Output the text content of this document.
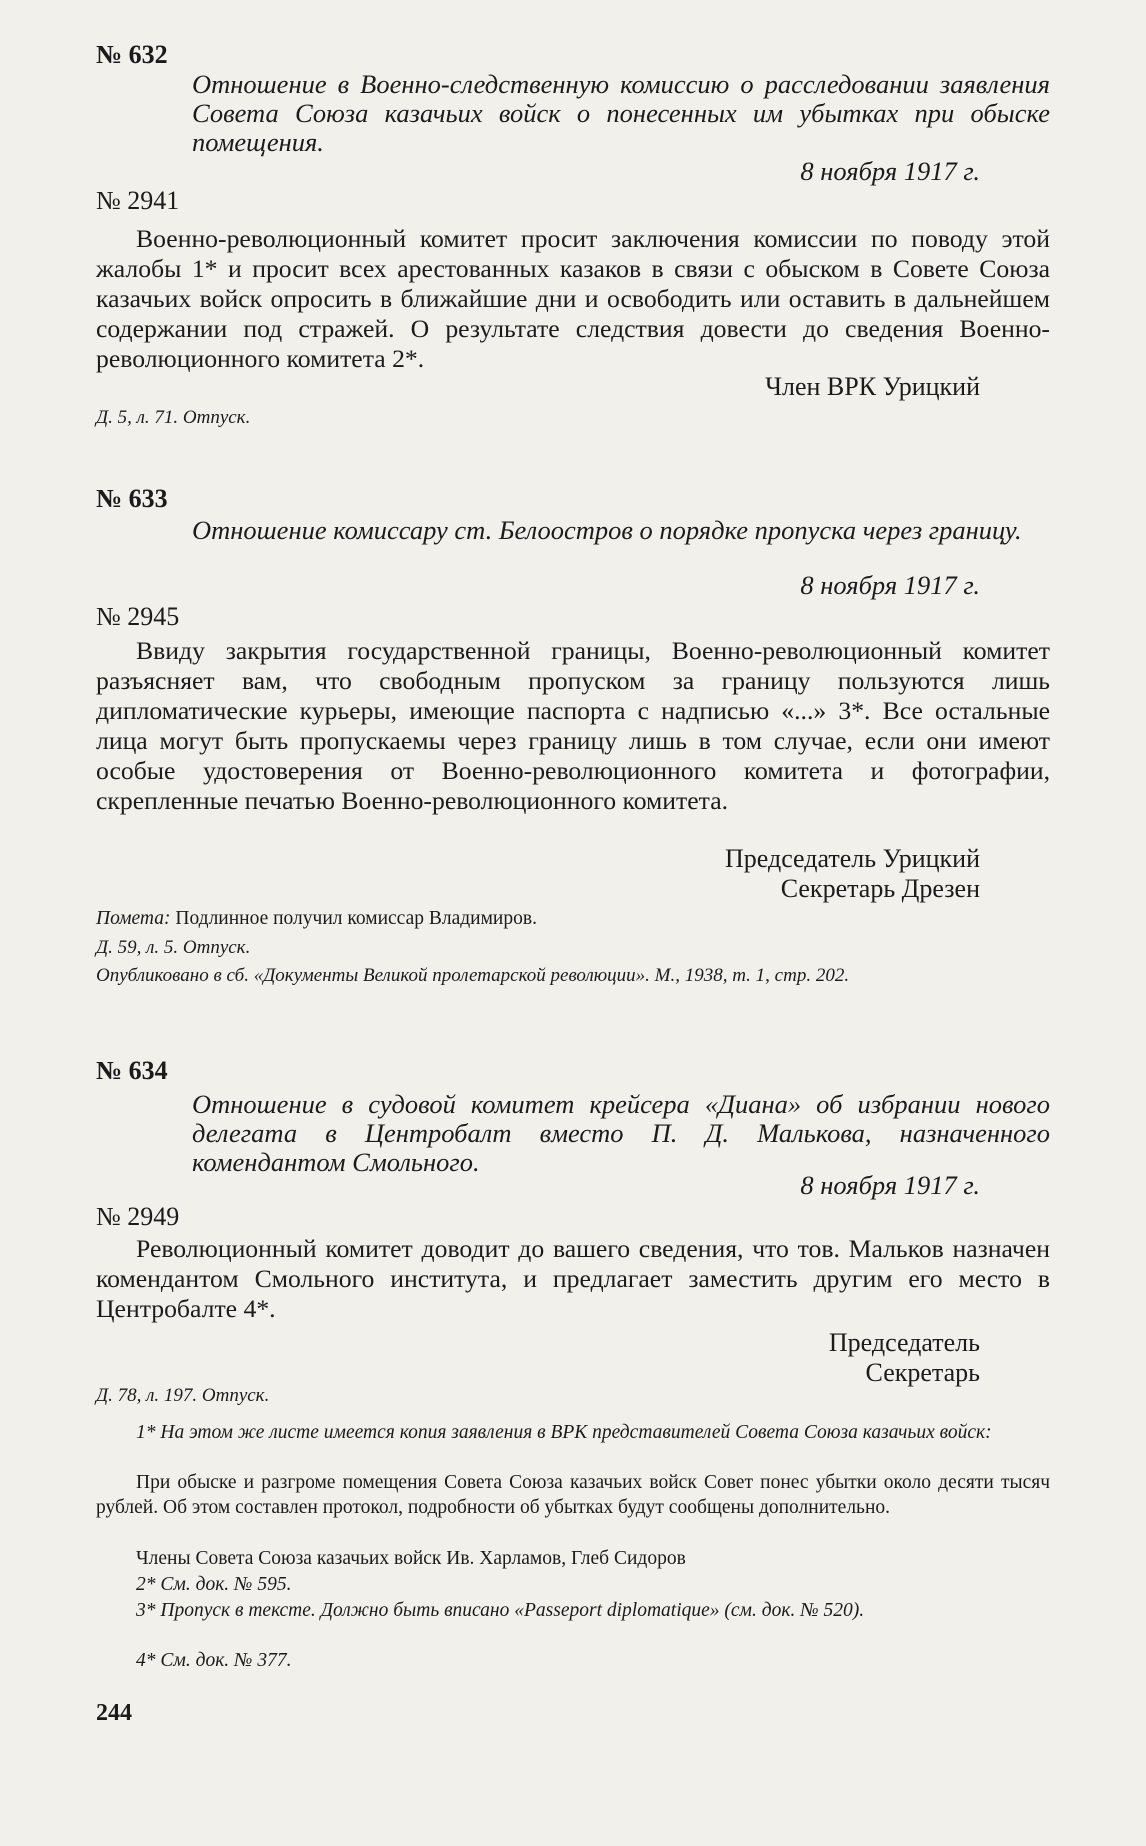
№ 632
Отношение в Военно-следственную комиссию о расследовании заявления Совета Союза казачьих войск о понесенных им убытках при обыске помещения.
8 ноября 1917 г.
№ 2941
Военно-революционный комитет просит заключения комиссии по поводу этой жалобы 1* и просит всех арестованных казаков в связи с обыском в Совете Союза казачьих войск опросить в ближайшие дни и освободить или оставить в дальнейшем содержании под стражей. О результате следствия довести до сведения Военно-революционного комитета 2*.
Член ВРК Урицкий
Д. 5, л. 71. Отпуск.
№ 633
Отношение комиссару ст. Белоостров о порядке пропуска через границу.
8 ноября 1917 г.
№ 2945
Ввиду закрытия государственной границы, Военно-революционный комитет разъясняет вам, что свободным пропуском за границу пользуются лишь дипломатические курьеры, имеющие паспорта с надписью «...» 3*. Все остальные лица могут быть пропускаемы через границу лишь в том случае, если они имеют особые удостоверения от Военно-революционного комитета и фотографии, скрепленные печатью Военно-революционного комитета.
Председатель Урицкий
Секретарь Дрезен
Помета: Подлинное получил комиссар Владимиров.
Д. 59, л. 5. Отпуск.
Опубликовано в сб. «Документы Великой пролетарской революции». М., 1938, т. 1, стр. 202.
№ 634
Отношение в судовой комитет крейсера «Диана» об избрании нового делегата в Центробалт вместо П. Д. Малькова, назначенного комендантом Смольного.
8 ноября 1917 г.
№ 2949
Революционный комитет доводит до вашего сведения, что тов. Мальков назначен комендантом Смольного института, и предлагает заместить другим его место в Центробалте 4*.
Председатель
Секретарь
Д. 78, л. 197. Отпуск.
1* На этом же листе имеется копия заявления в ВРК представителей Совета Союза казачьих войск:
При обыске и разгроме помещения Совета Союза казачьих войск Совет понес убытки около десяти тысяч рублей. Об этом составлен протокол, подробности об убытках будут сообщены дополнительно.
Члены Совета Союза казачьих войск Ив. Харламов, Глеб Сидоров
2* См. док. № 595.
3* Пропуск в тексте. Должно быть вписано «Passeport diplomatique» (см. док. № 520).
4* См. док. № 377.
244
